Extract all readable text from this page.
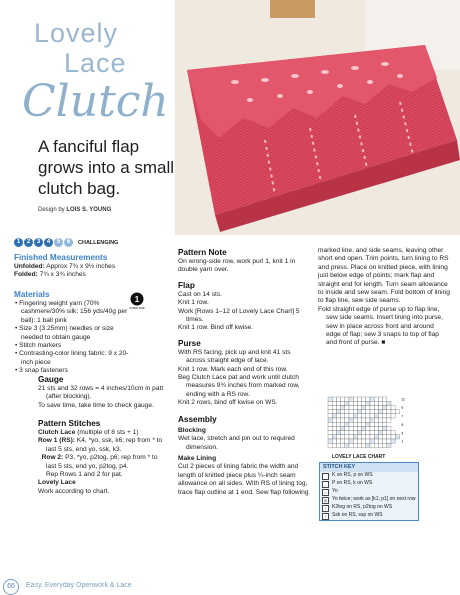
Lovely
Lace
Clutch
A fanciful flap grows into a small clutch bag.
Design by LOIS S. YOUNG
1	2	3	4	5	6	CHALLENGING
Finished Measurements
Unfolded: Approx 7¾ x 9½ inches
Folded: 7¾ x 3¾ inches
Materials
• Fingering weight yarn (70% cashmere/30% silk; 156 yds/40g per ball): 1 ball pink
• Size 3 (3.25mm) needles or size needed to obtain gauge
• Stitch markers
• Contrasting-color lining fabric: 9 x 20-inch piece
• 3 snap fasteners
1
SUPER FINE
Gauge
21 sts and 32 rows = 4 inches/10cm in patt (after blocking).
To save time, take time to check gauge.
Pattern Stitches
Clutch Lace (multiple of 8 sts + 1)
Row 1 (RS): K4, *yo, ssk, k6; rep from * to last 5 sts, end yo, ssk, k3.
Row 2: P3, *yo, p2tog, p6; rep from * to last 5 sts, end yo, p2tog, p4.
Rep Rows 1 and 2 for pat.
Lovely Lace
Work according to chart.
Pattern Note
On wrong-side row, work purl 1, knit 1 in double yarn over.
Flap
Cast on 14 sts.
Knit 1 row.
Work [Rows 1–12 of Lovely Lace Chart] 5 times.
Knit 1 row. Bind off kwise.
Purse
With RS facing, pick up and knit 41 sts across straight edge of lace.
Knit 1 row. Mark each end of this row.
Beg Clutch Lace pat and work until clutch measures 9¾ inches from marked row, ending with a RS row.
Knit 2 rows, bind off kwise on WS.
Assembly
Blocking
Wet lace, stretch and pin out to required dimension.
Make Lining
Cut 2 pieces of lining fabric the width and length of knitted piece plus ¼-inch seam allowance on all sides. With RS of lining tog, trace flap outline at 1 end. Sew flap following
marked line, and side seams, leaving other short end open. Trim points, turn lining to RS and press. Place on knitted piece, with lining just below edge of points; mark flap and straight end for length. Turn seam allowance to inside and sew seam. Fold bottom of lining to flap line, sew side seams.
Fold straight edge of purse up to flap line, sew side seams. Insert lining into purse, sew in place across front and around edge of flap; sew 3 snaps to top of flap and front of purse. ■
11
9
7
5
3
1
LOVELY LACE CHART
STITCH KEY
K on RS, p on WS
–	P on RS, k on WS
○	Yo
◎ Yo twice; work as [k1, p1] on next row
/	K2tog on RS, p2tog on WS
\	Ssk on RS, ssp on WS
66	Easy, Everyday Openwork & Lace
